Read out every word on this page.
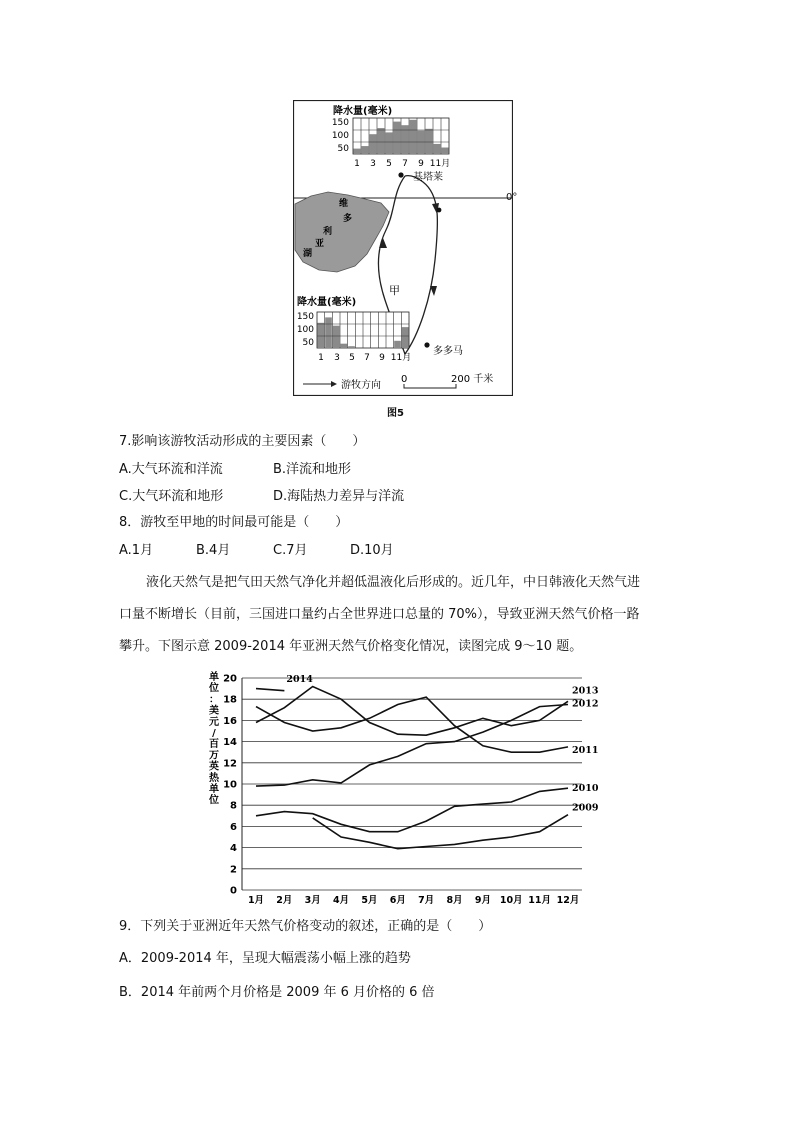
维
多
利
亚
湖
基塔莱
多多马
甲
降水量(毫米)
150
100
50
1 3 5 7 9 11月
降水量(毫米)
150
100
50
1 3 5 7 9 11月
游牧方向
0	200 千米
0°
图5
7.影响该游牧活动形成的主要因素（　　）
A.大气环流和洋流	B.洋流和地形
C.大气环流和地形	D.海陆热力差异与洋流
8．游牧至甲地的时间最可能是（　　）
A.1月	B.4月	C.7月	D.10月
液化天然气是把气田天然气净化并超低温液化后形成的。近几年，中日韩液化天然气进
口量不断增长（目前，三国进口量约占全世界进口总量的 70%），导致亚洲天然气价格一路
攀升。下图示意 2009-2014 年亚洲天然气价格变化情况，读图完成 9～10 题。
0
2
4
6
8
10
12
14
16
18
20
1月 2月 3月 4月 5月 6月 7月 8月 9月 10月 11月 12月
2014
2013
2011
2012
2010
2009
单
位
：
美
元
/
百
万
英
热
单
位
9．下列关于亚洲近年天然气价格变动的叙述，正确的是（　　）
A．2009-2014 年，呈现大幅震荡小幅上涨的趋势
B．2014 年前两个月价格是 2009 年 6 月价格的 6 倍
